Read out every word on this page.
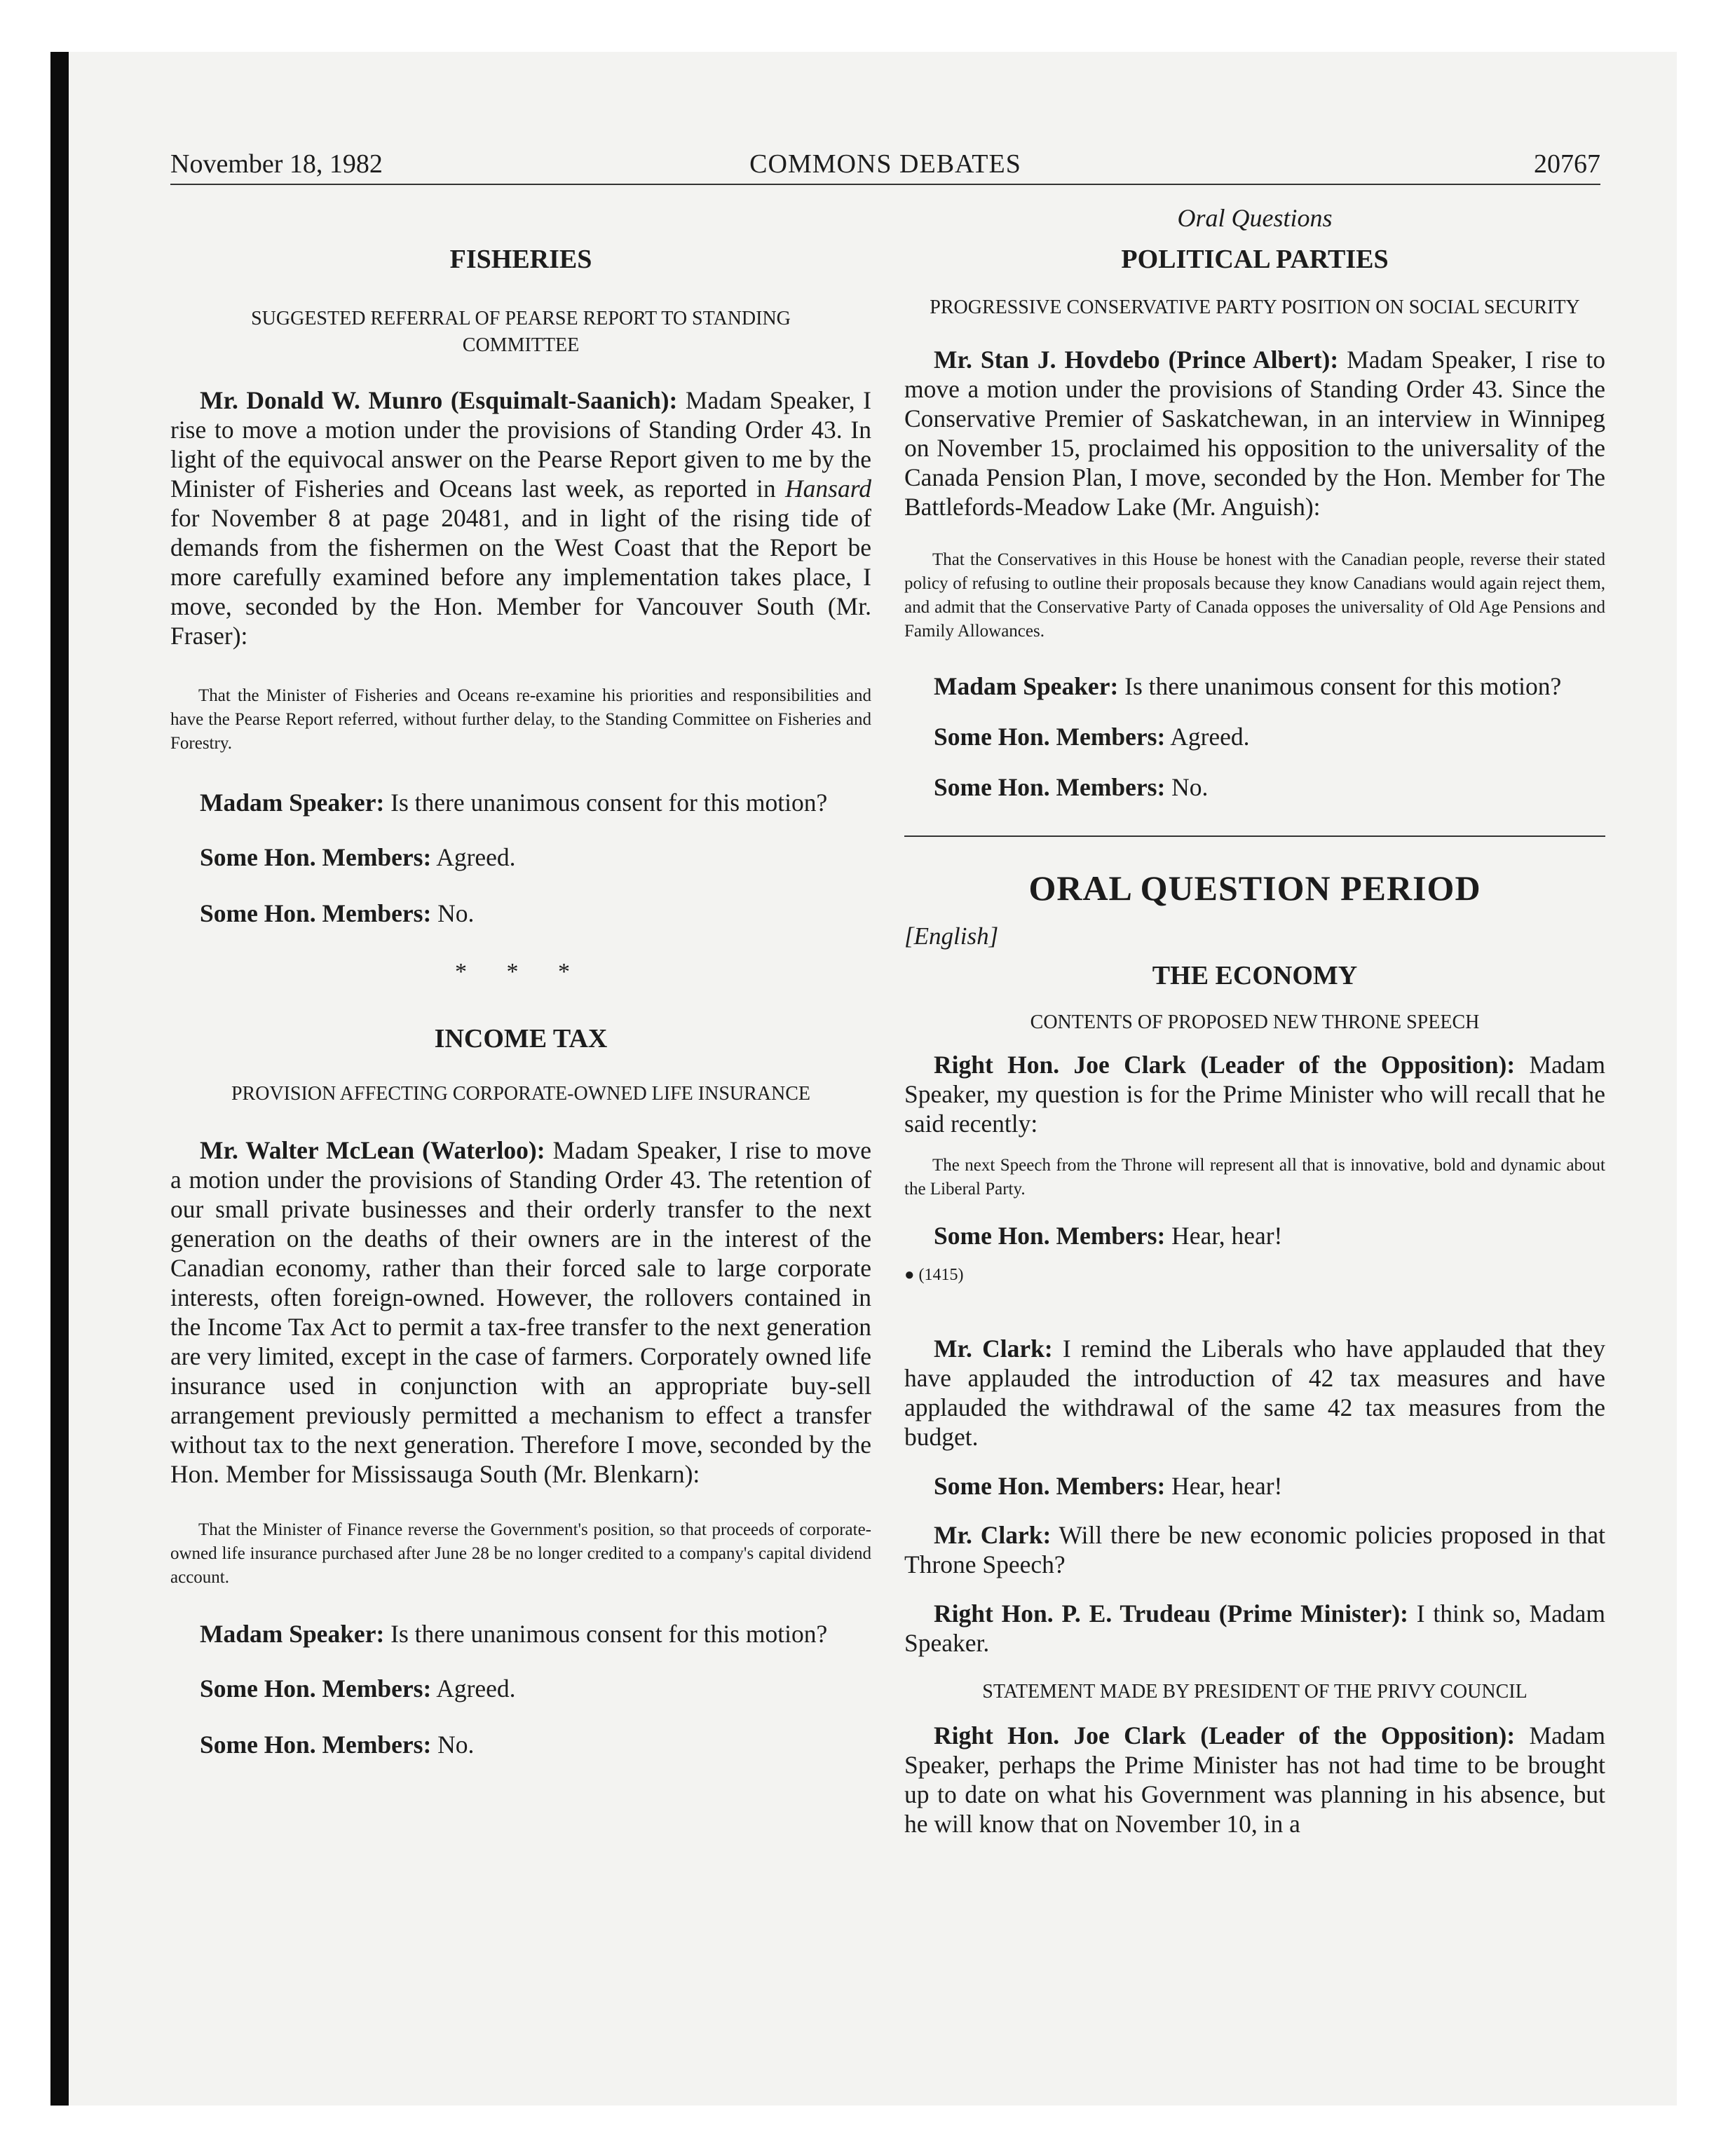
November 18, 1982	COMMONS DEBATES	20767

FISHERIES

SUGGESTED REFERRAL OF PEARSE REPORT TO STANDING COMMITTEE

Mr. Donald W. Munro (Esquimalt-Saanich): Madam Speaker, I rise to move a motion under the provisions of Standing Order 43. In light of the equivocal answer on the Pearse Report given to me by the Minister of Fisheries and Oceans last week, as reported in Hansard for November 8 at page 20481, and in light of the rising tide of demands from the fishermen on the West Coast that the Report be more carefully examined before any implementation takes place, I move, seconded by the Hon. Member for Vancouver South (Mr. Fraser):

That the Minister of Fisheries and Oceans re-examine his priorities and responsibilities and have the Pearse Report referred, without further delay, to the Standing Committee on Fisheries and Forestry.

Madam Speaker: Is there unanimous consent for this motion?

Some Hon. Members: Agreed.

Some Hon. Members: No.

* * *

INCOME TAX

PROVISION AFFECTING CORPORATE-OWNED LIFE INSURANCE

Mr. Walter McLean (Waterloo): Madam Speaker, I rise to move a motion under the provisions of Standing Order 43. The retention of our small private businesses and their orderly transfer to the next generation on the deaths of their owners are in the interest of the Canadian economy, rather than their forced sale to large corporate interests, often foreign-owned. However, the rollovers contained in the Income Tax Act to permit a tax-free transfer to the next generation are very limited, except in the case of farmers. Corporately owned life insurance used in conjunction with an appropriate buy-sell arrangement previously permitted a mechanism to effect a transfer without tax to the next generation. Therefore I move, seconded by the Hon. Member for Mississauga South (Mr. Blenkarn):

That the Minister of Finance reverse the Government's position, so that proceeds of corporate-owned life insurance purchased after June 28 be no longer credited to a company's capital dividend account.

Madam Speaker: Is there unanimous consent for this motion?

Some Hon. Members: Agreed.

Some Hon. Members: No.

Oral Questions

POLITICAL PARTIES

PROGRESSIVE CONSERVATIVE PARTY POSITION ON SOCIAL SECURITY

Mr. Stan J. Hovdebo (Prince Albert): Madam Speaker, I rise to move a motion under the provisions of Standing Order 43. Since the Conservative Premier of Saskatchewan, in an interview in Winnipeg on November 15, proclaimed his opposition to the universality of the Canada Pension Plan, I move, seconded by the Hon. Member for The Battlefords-Meadow Lake (Mr. Anguish):

That the Conservatives in this House be honest with the Canadian people, reverse their stated policy of refusing to outline their proposals because they know Canadians would again reject them, and admit that the Conservative Party of Canada opposes the universality of Old Age Pensions and Family Allowances.

Madam Speaker: Is there unanimous consent for this motion?

Some Hon. Members: Agreed.

Some Hon. Members: No.

ORAL QUESTION PERIOD

[English]

THE ECONOMY

CONTENTS OF PROPOSED NEW THRONE SPEECH

Right Hon. Joe Clark (Leader of the Opposition): Madam Speaker, my question is for the Prime Minister who will recall that he said recently:

The next Speech from the Throne will represent all that is innovative, bold and dynamic about the Liberal Party.

Some Hon. Members: Hear, hear!

● (1415)

Mr. Clark: I remind the Liberals who have applauded that they have applauded the introduction of 42 tax measures and have applauded the withdrawal of the same 42 tax measures from the budget.

Some Hon. Members: Hear, hear!

Mr. Clark: Will there be new economic policies proposed in that Throne Speech?

Right Hon. P. E. Trudeau (Prime Minister): I think so, Madam Speaker.

STATEMENT MADE BY PRESIDENT OF THE PRIVY COUNCIL

Right Hon. Joe Clark (Leader of the Opposition): Madam Speaker, perhaps the Prime Minister has not had time to be brought up to date on what his Government was planning in his absence, but he will know that on November 10, in a
